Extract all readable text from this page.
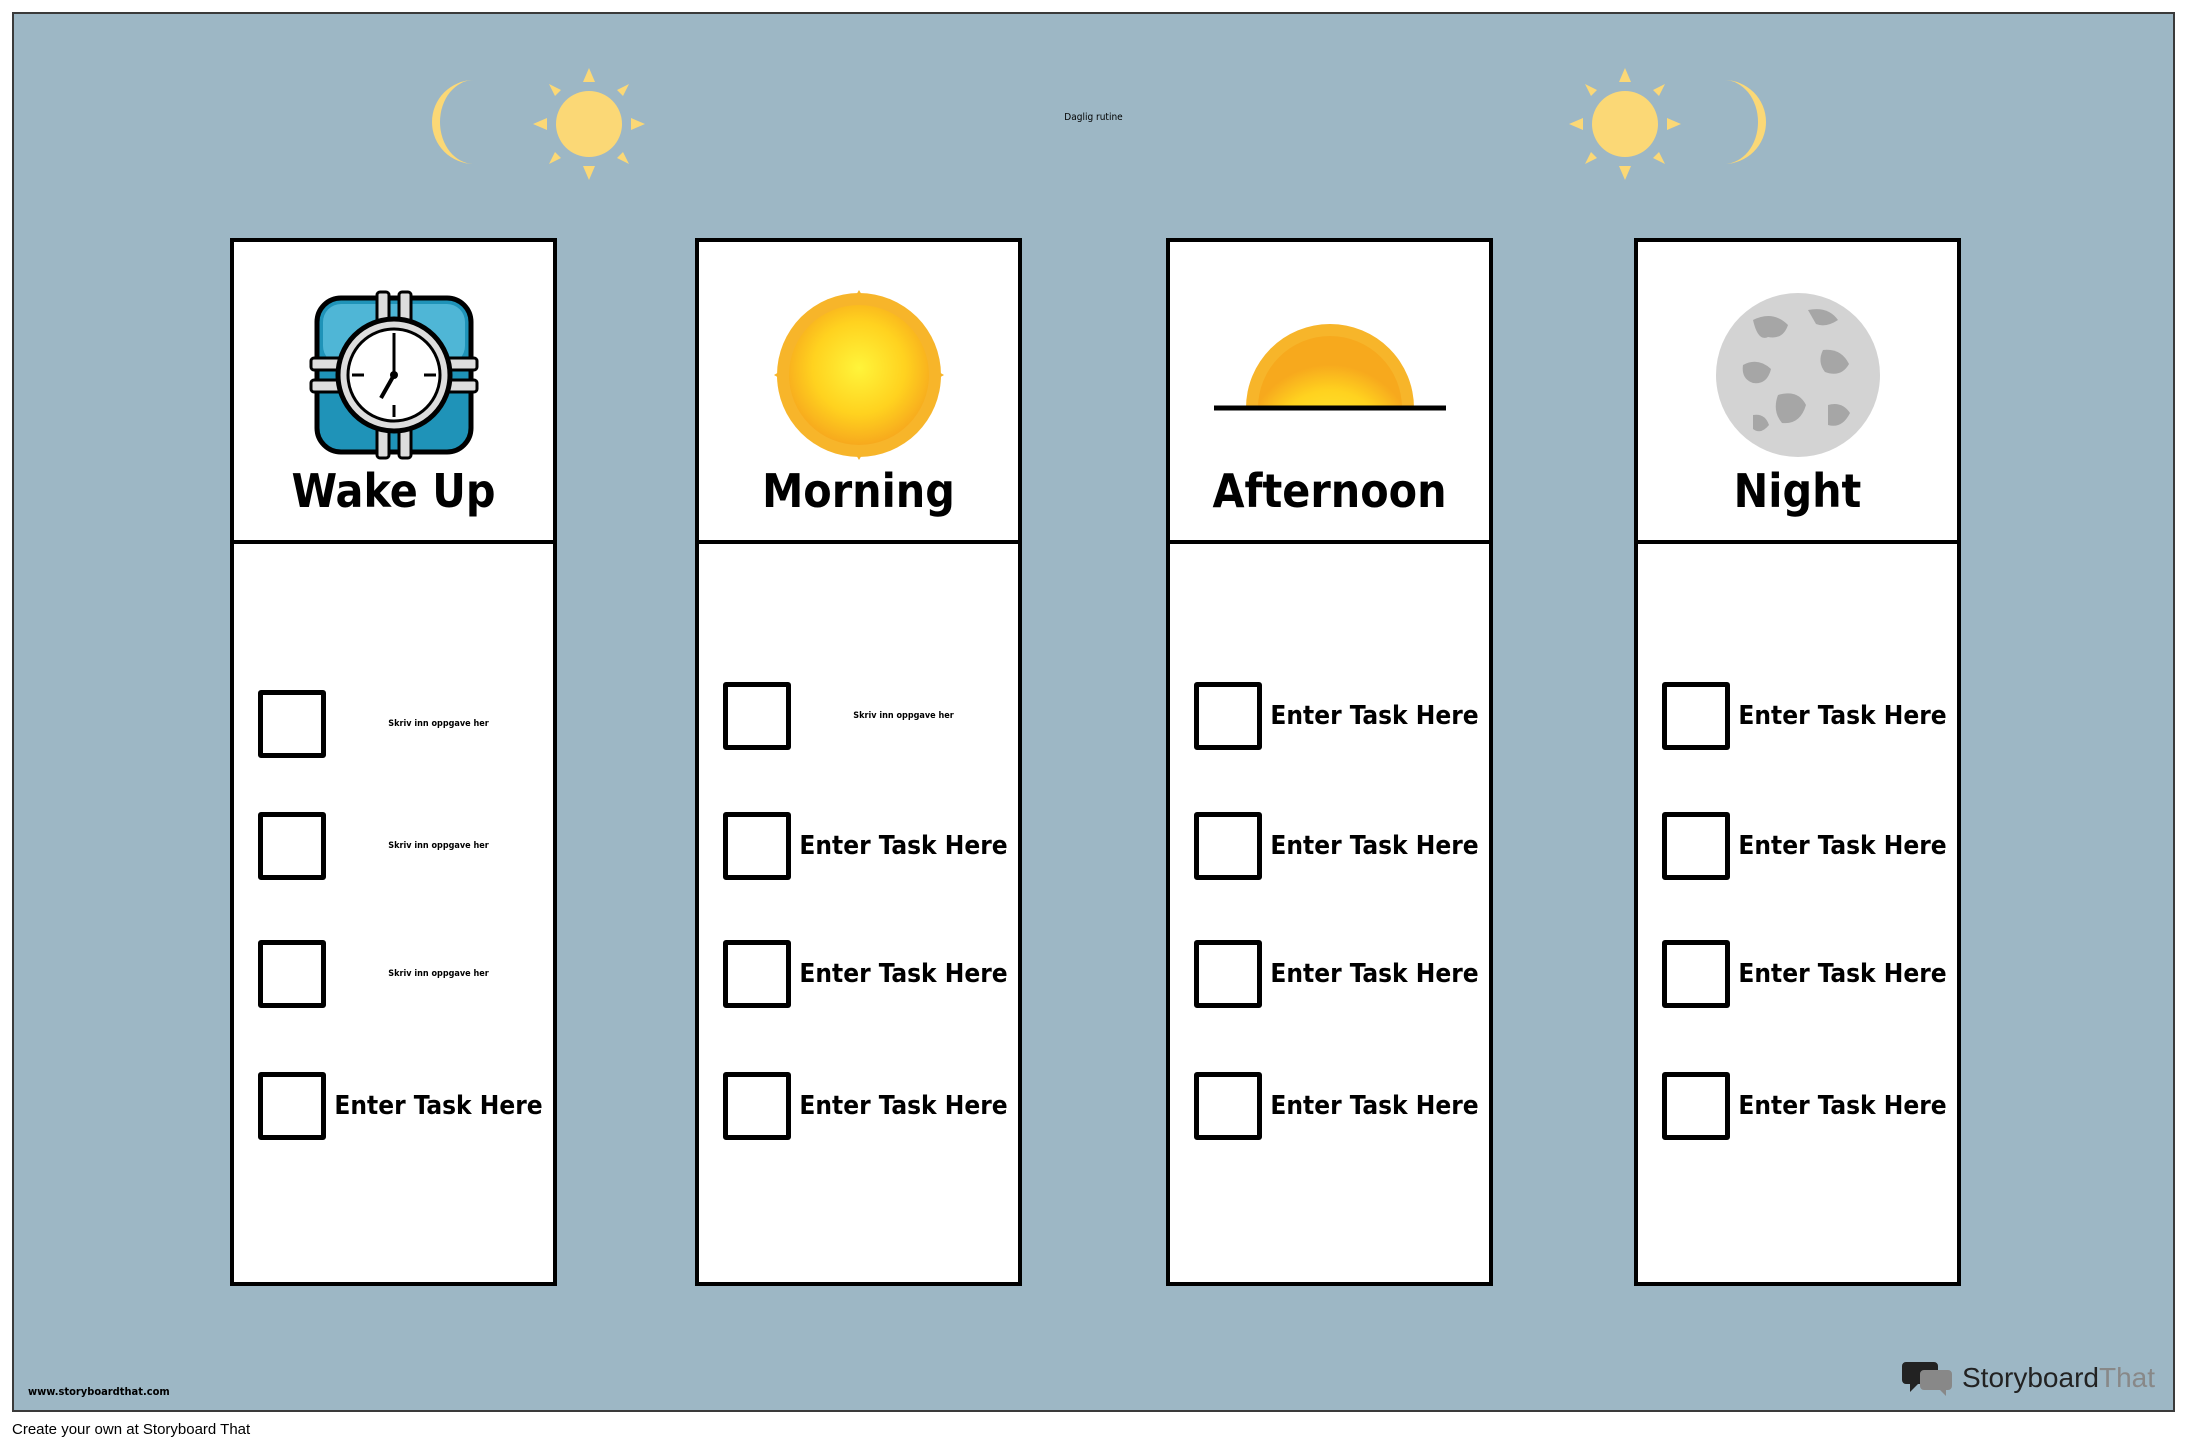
Daglig rutine
Wake Up
Skriv inn oppgave her
Skriv inn oppgave her
Skriv inn oppgave her
Enter Task Here
Morning
Skriv inn oppgave her
Enter Task Here
Enter Task Here
Enter Task Here
Afternoon
Enter Task Here
Enter Task Here
Enter Task Here
Enter Task Here
Night
Enter Task Here
Enter Task Here
Enter Task Here
Enter Task Here
www.storyboardthat.com	StoryboardThat
Create your own at Storyboard That
